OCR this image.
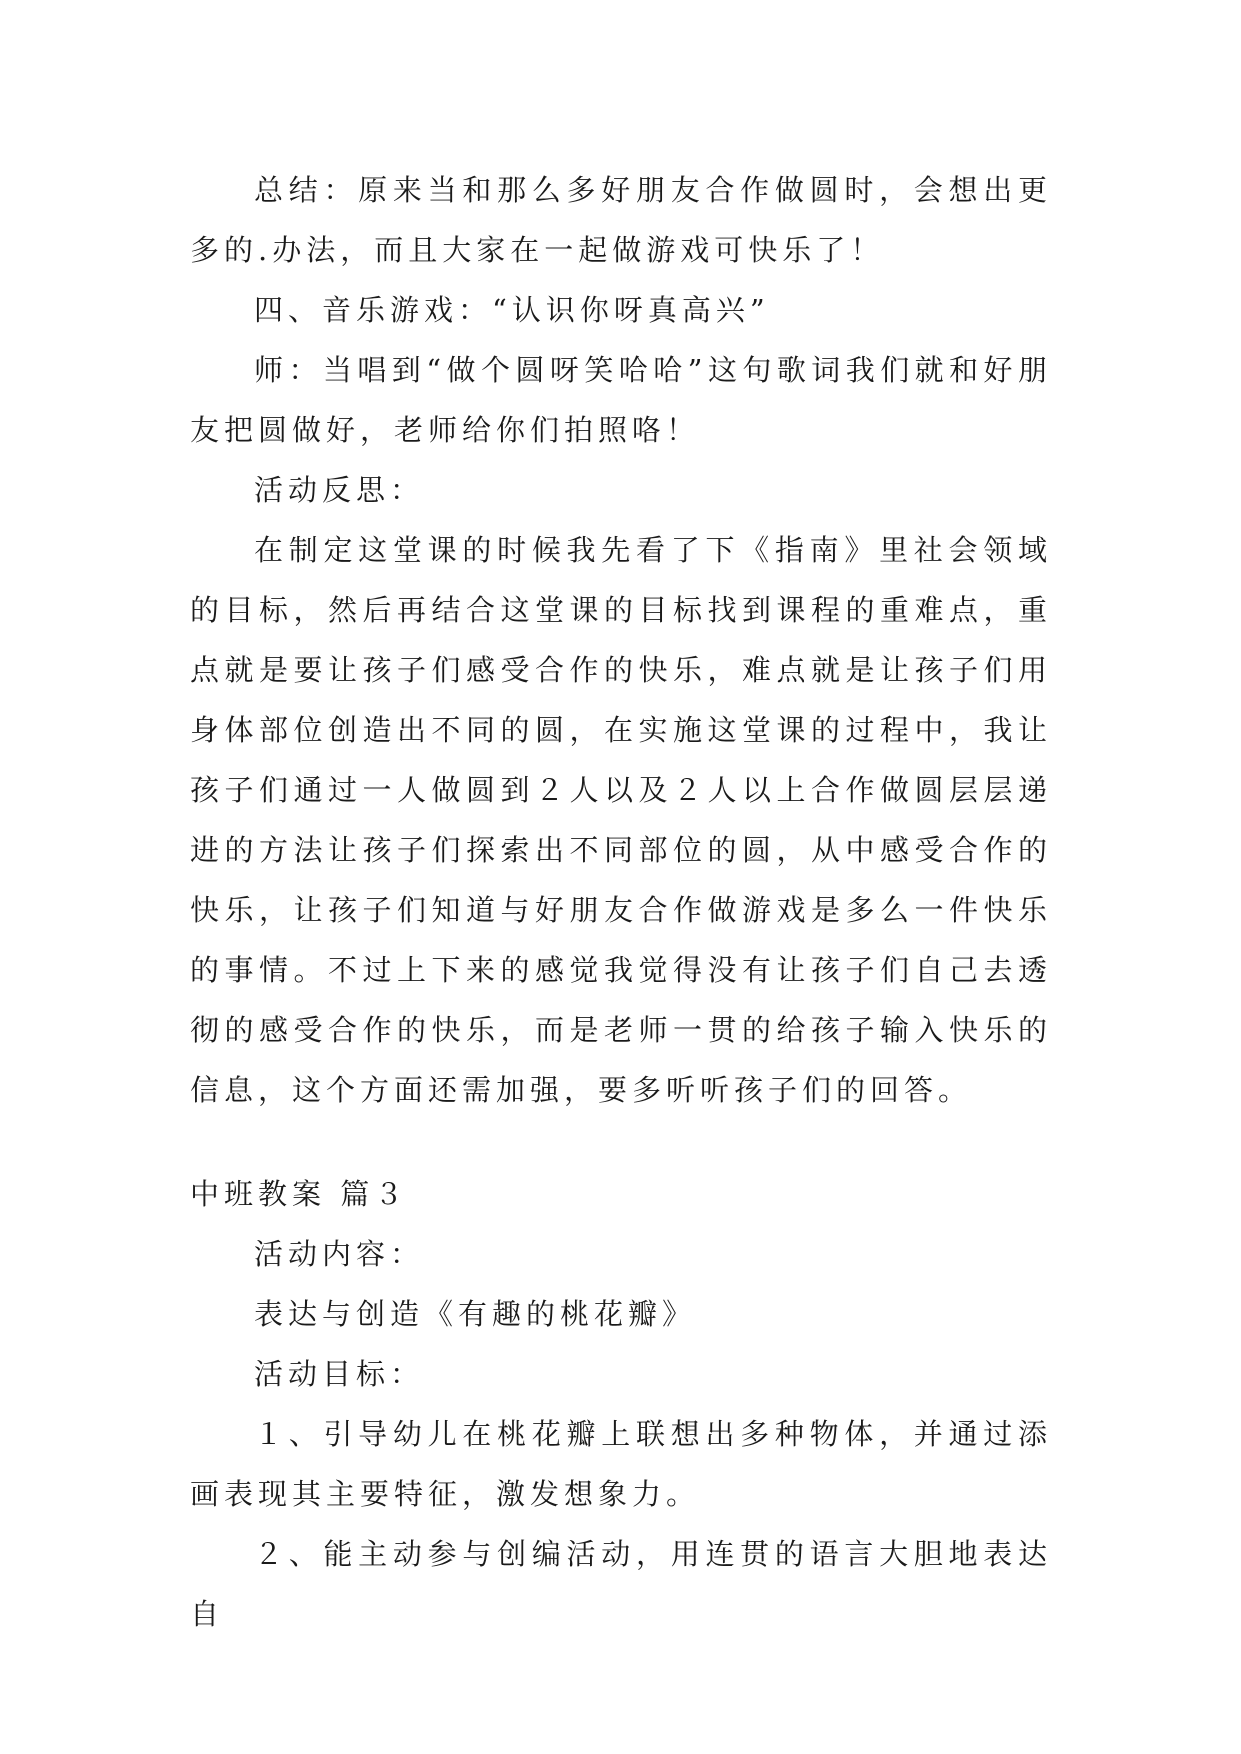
总结：原来当和那么多好朋友合作做圆时，会想出更多的.办法，而且大家在一起做游戏可快乐了！

四、音乐游戏：“认识你呀真高兴”

师：当唱到“做个圆呀笑哈哈”这句歌词我们就和好朋友把圆做好，老师给你们拍照咯！

活动反思：

在制定这堂课的时候我先看了下《指南》里社会领域的目标，然后再结合这堂课的目标找到课程的重难点，重点就是要让孩子们感受合作的快乐，难点就是让孩子们用身体部位创造出不同的圆，在实施这堂课的过程中，我让孩子们通过一人做圆到２人以及２人以上合作做圆层层递进的方法让孩子们探索出不同部位的圆，从中感受合作的快乐，让孩子们知道与好朋友合作做游戏是多么一件快乐的事情。不过上下来的感觉我觉得没有让孩子们自己去透彻的感受合作的快乐，而是老师一贯的给孩子输入快乐的信息，这个方面还需加强，要多听听孩子们的回答。

中班教案 篇３

活动内容：

表达与创造《有趣的桃花瓣》

活动目标：

１、引导幼儿在桃花瓣上联想出多种物体，并通过添画表现其主要特征，激发想象力。

２、能主动参与创编活动，用连贯的语言大胆地表达自
